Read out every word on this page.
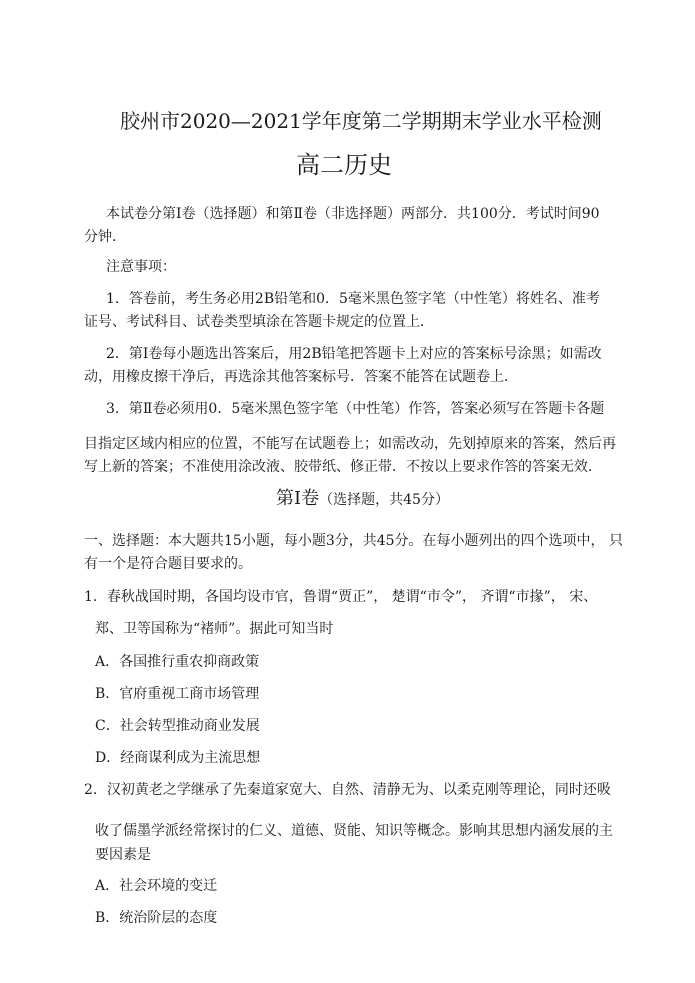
胶州市2020—2021学年度第二学期期末学业水平检测
高二历史
本试卷分第Ⅰ卷（选择题）和第Ⅱ卷（非选择题）两部分．共100分．考试时间90
分钟．
注意事项：
1．答卷前，考生务必用2B铅笔和0．5毫米黑色签字笔（中性笔）将姓名、准考
证号、考试科目、试卷类型填涂在答题卡规定的位置上．
2．第Ⅰ卷每小题选出答案后，用2B铅笔把答题卡上对应的答案标号涂黑；如需改
动，用橡皮擦干净后，再选涂其他答案标号．答案不能答在试题卷上．
3．第Ⅱ卷必须用0．5毫米黑色签字笔（中性笔）作答，答案必须写在答题卡各题
目指定区域内相应的位置，不能写在试题卷上；如需改动，先划掉原来的答案，然后再
写上新的答案；不准使用涂改液、胶带纸、修正带．不按以上要求作答的答案无效．
第Ⅰ卷（选择题，共45分）
一、选择题：本大题共15小题，每小题3分，共45分。在每小题列出的四个选项中， 只
有一个是符合题目要求的。
1．春秋战国时期，各国均设市官，鲁谓“贾正”， 楚谓“市令”， 齐谓“市掾”， 宋、
郑、卫等国称为“褚师”。据此可知当时
A．各国推行重农抑商政策
B．官府重视工商市场管理
C．社会转型推动商业发展
D．经商谋利成为主流思想
2．汉初黄老之学继承了先秦道家宽大、自然、清静无为、以柔克刚等理论，同时还吸
收了儒墨学派经常探讨的仁义、道德、贤能、知识等概念。影响其思想内涵发展的主
要因素是
A．社会环境的变迁
B．统治阶层的态度
